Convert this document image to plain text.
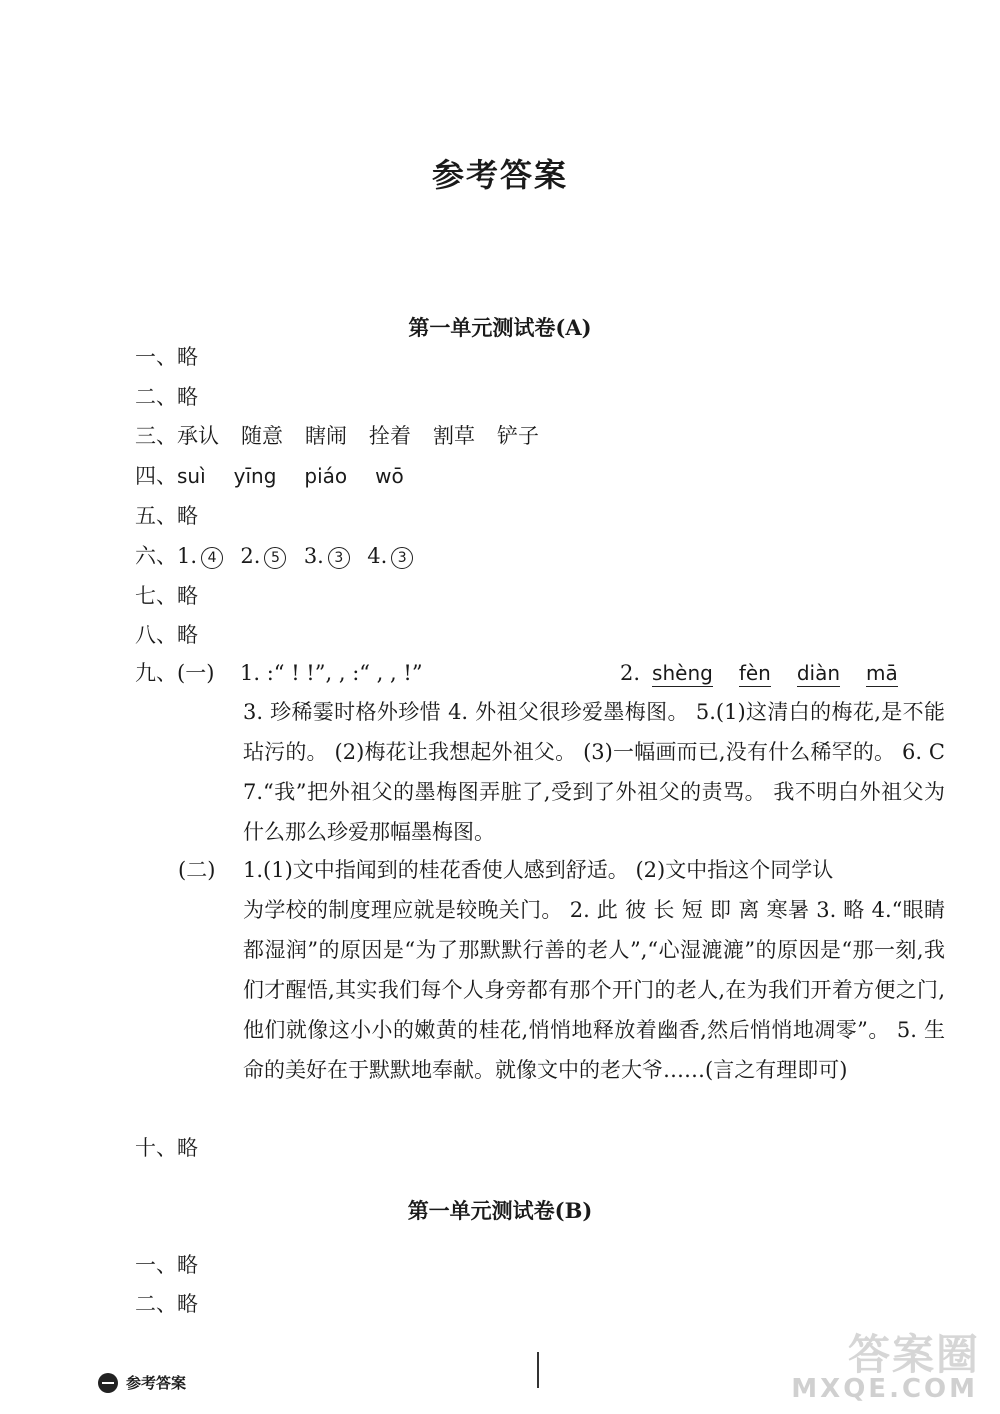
参考答案
第一单元测试卷(A)
一、略
二、略
三、承认 随意 瞎闹 拴着 割草 铲子
四、suì yīng piáo wō
五、略
六、1. 4 2. 5 3. 3 4. 3
七、略
八、略
九、(一) 1. :“ ! !”, , :“ , , !”	2. shèng fèn diàn mā
3. 珍稀霎时格外珍惜 4. 外祖父很珍爱墨梅图。 5.(1)这清白的梅花,是不能玷污的。 (2)梅花让我想起外祖父。 (3)一幅画而已,没有什么稀罕的。 6. C 7.“我”把外祖父的墨梅图弄脏了,受到了外祖父的责骂。 我不明白外祖父为什么那么珍爱那幅墨梅图。
(二) 1.(1)文中指闻到的桂花香使人感到舒适。 (2)文中指这个同学认
为学校的制度理应就是较晚关门。 2. 此 彼 长 短 即 离 寒暑 3. 略 4.“眼睛都湿润”的原因是“为了那默默行善的老人”,“心湿漉漉”的原因是“那一刻,我们才醒悟,其实我们每个人身旁都有那个开门的老人,在为我们开着方便之门,他们就像这小小的嫩黄的桂花,悄悄地释放着幽香,然后悄悄地凋零”。 5. 生命的美好在于默默地奉献。就像文中的老大爷……(言之有理即可)
十、略
第一单元测试卷(B)
一、略
二、略
参考答案
答案圈
MXQE.COM
